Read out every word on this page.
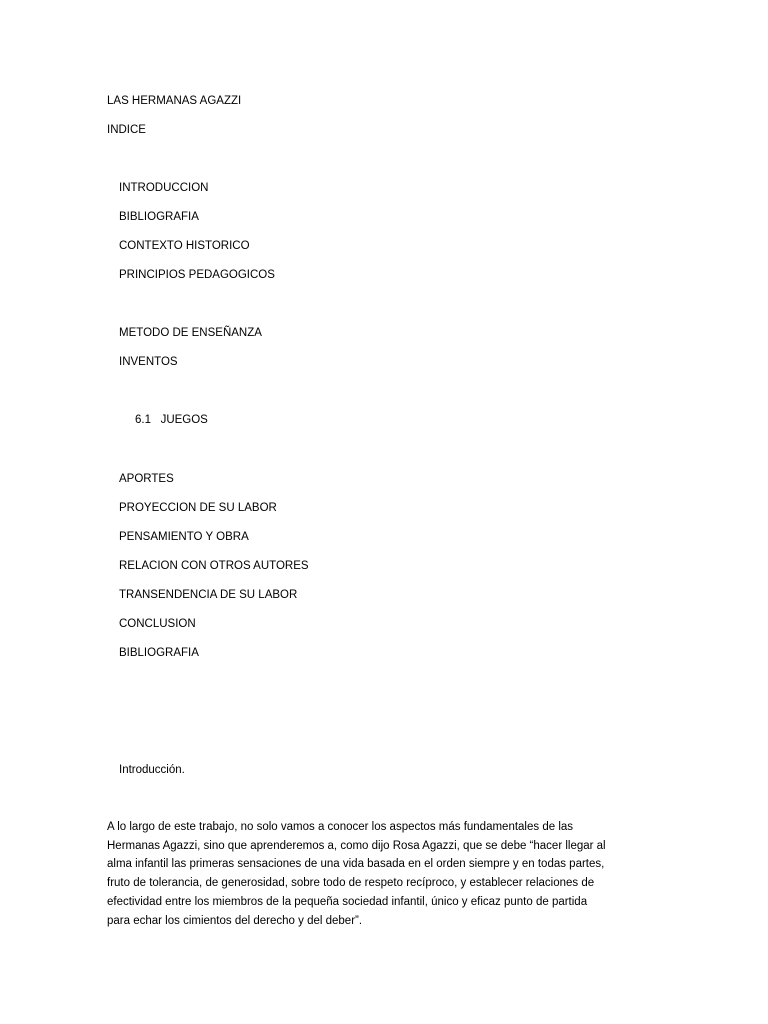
LAS HERMANAS AGAZZI
INDICE
INTRODUCCION
BIBLIOGRAFIA
CONTEXTO HISTORICO
PRINCIPIOS PEDAGOGICOS
METODO DE ENSEÑANZA
INVENTOS
6.1   JUEGOS
APORTES
PROYECCION DE SU LABOR
PENSAMIENTO Y OBRA
RELACION CON OTROS AUTORES
TRANSENDENCIA DE SU LABOR
CONCLUSION
BIBLIOGRAFIA
Introducción.
A lo largo de este trabajo, no solo vamos a conocer los aspectos más fundamentales de las
Hermanas Agazzi, sino que aprenderemos a, como dijo Rosa Agazzi, que se debe “hacer llegar al
alma infantil las primeras sensaciones de una vida basada en el orden siempre y en todas partes,
fruto de tolerancia, de generosidad, sobre todo de respeto recíproco, y establecer relaciones de
efectividad entre los miembros de la pequeña sociedad infantil, único y eficaz punto de partida
para echar los cimientos del derecho y del deber”.
